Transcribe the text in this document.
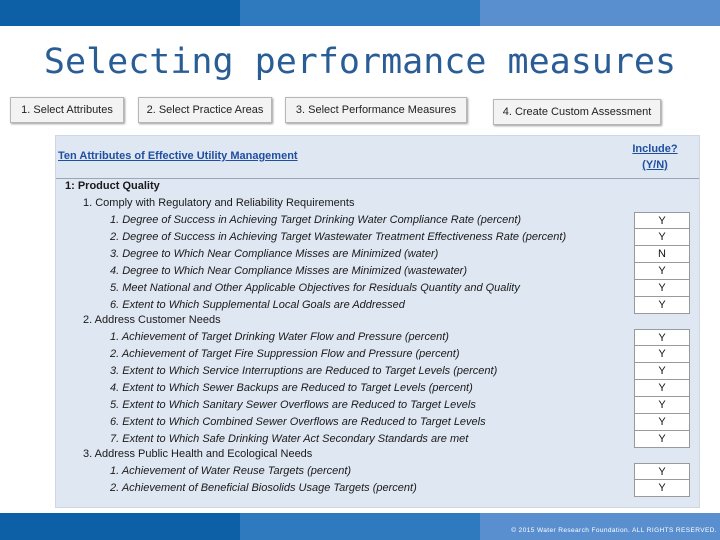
Selecting performance measures
1. Select Attributes	2. Select Practice Areas	3. Select Performance Measures	4. Create Custom Assessment
Ten Attributes of Effective Utility Management
Include?
(Y/N)
1: Product Quality
1. Comply with Regulatory and Reliability Requirements
1. Degree of Success in Achieving Target Drinking Water Compliance Rate (percent)	Y
2. Degree of Success in Achieving Target Wastewater Treatment Effectiveness Rate (percent)	Y
3. Degree to Which Near Compliance Misses are Minimized (water)	N
4. Degree to Which Near Compliance Misses are Minimized (wastewater)	Y
5. Meet National and Other Applicable Objectives for Residuals Quantity and Quality	Y
6. Extent to Which Supplemental Local Goals are Addressed	Y
2. Address Customer Needs
1. Achievement of Target Drinking Water Flow and Pressure (percent)	Y
2. Achievement of Target Fire Suppression Flow and Pressure (percent)	Y
3. Extent to Which Service Interruptions are Reduced to Target Levels (percent)	Y
4. Extent to Which Sewer Backups are Reduced to Target Levels (percent)	Y
5. Extent to Which Sanitary Sewer Overflows are Reduced to Target Levels	Y
6. Extent to Which Combined Sewer Overflows are Reduced to Target Levels	Y
7. Extent to Which Safe Drinking Water Act Secondary Standards are met	Y
3. Address Public Health and Ecological Needs
1. Achievement of Water Reuse Targets (percent)	Y
2. Achievement of Beneficial Biosolids Usage Targets (percent)	Y
© 2015 Water Research Foundation. ALL RIGHTS RESERVED.
